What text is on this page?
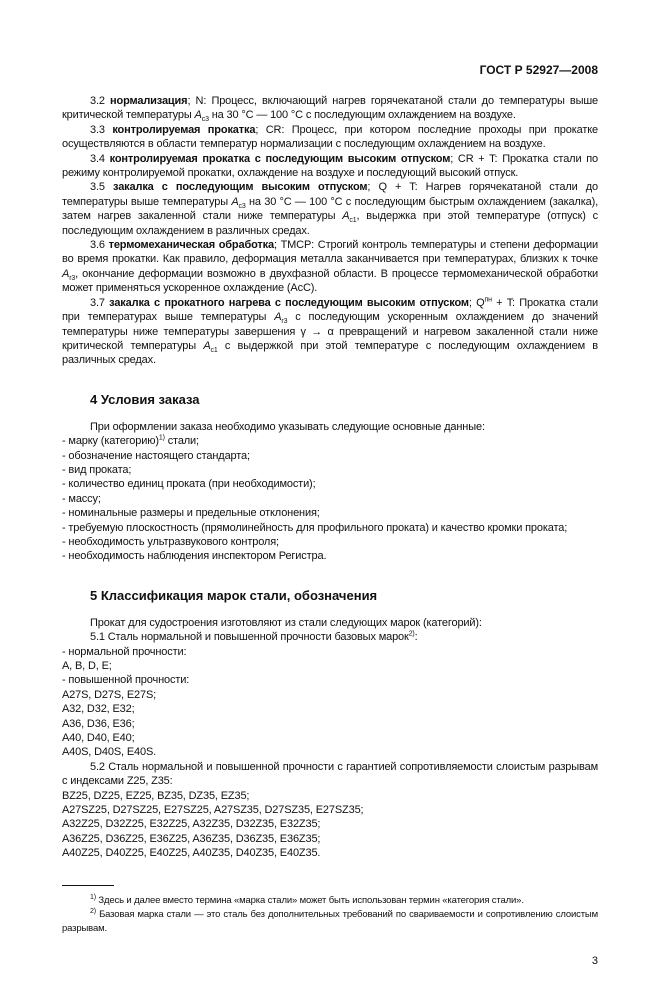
ГОСТ Р 52927—2008
3.2 нормализация; N: Процесс, включающий нагрев горячекатаной стали до температуры выше критической температуры $A_{c3}$ на 30 °C — 100 °C с последующим охлаждением на воздухе.
3.3 контролируемая прокатка; CR: Процесс, при котором последние проходы при прокатке осуществляются в области температур нормализации с последующим охлаждением на воздухе.
3.4 контролируемая прокатка с последующим высоким отпуском; CR + T: Прокатка стали по режиму контролируемой прокатки, охлаждение на воздухе и последующий высокий отпуск.
3.5 закалка с последующим высоким отпуском; Q + T: Нагрев горячекатаной стали до температуры выше температуры $A_{c3}$ на 30 °C — 100 °C с последующим быстрым охлаждением (закалка), затем нагрев закаленной стали ниже температуры $A_{c1}$, выдержка при этой температуре (отпуск) с последующим охлаждением в различных средах.
3.6 термомеханическая обработка; TMCP: Строгий контроль температуры и степени деформации во время прокатки. Как правило, деформация металла заканчивается при температурах, близких к точке $A_{r3}$, окончание деформации возможно в двухфазной области. В процессе термомеханической обработки может применяться ускоренное охлаждение (AcC).
3.7 закалка с прокатного нагрева с последующим высоким отпуском; $Q^{пн} + T$: Прокатка стали при температурах выше температуры $A_{r3}$ с последующим ускоренным охлаждением до значений температуры ниже температуры завершения γ → α превращений и нагревом закаленной стали ниже критической температуры $A_{c1}$ с выдержкой при этой температуре с последующим охлаждением в различных средах.
4 Условия заказа
При оформлении заказа необходимо указывать следующие основные данные:
- марку (категорию)$^{1)}$ стали;
- обозначение настоящего стандарта;
- вид проката;
- количество единиц проката (при необходимости);
- массу;
- номинальные размеры и предельные отклонения;
- требуемую плоскостность (прямолинейность для профильного проката) и качество кромки проката;
- необходимость ультразвукового контроля;
- необходимость наблюдения инспектором Регистра.
5 Классификация марок стали, обозначения
Прокат для судостроения изготовляют из стали следующих марок (категорий):
5.1 Сталь нормальной и повышенной прочности базовых марок$^{2)}$:
- нормальной прочности:
A, B, D, E;
- повышенной прочности:
A27S, D27S, E27S;
A32, D32, E32;
A36, D36, E36;
A40, D40, E40;
A40S, D40S, E40S.
5.2 Сталь нормальной и повышенной прочности с гарантией сопротивляемости слоистым разрывам с индексами Z25, Z35:
BZ25, DZ25, EZ25, BZ35, DZ35, EZ35;
A27SZ25, D27SZ25, E27SZ25, A27SZ35, D27SZ35, E27SZ35;
A32Z25, D32Z25, E32Z25, A32Z35, D32Z35, E32Z35;
A36Z25, D36Z25, E36Z25, A36Z35, D36Z35, E36Z35;
A40Z25, D40Z25, E40Z25, A40Z35, D40Z35, E40Z35.
$^{1)}$ Здесь и далее вместо термина «марка стали» может быть использован термин «категория стали».
$^{2)}$ Базовая марка стали — это сталь без дополнительных требований по свариваемости и сопротивлению слоистым разрывам.
3
